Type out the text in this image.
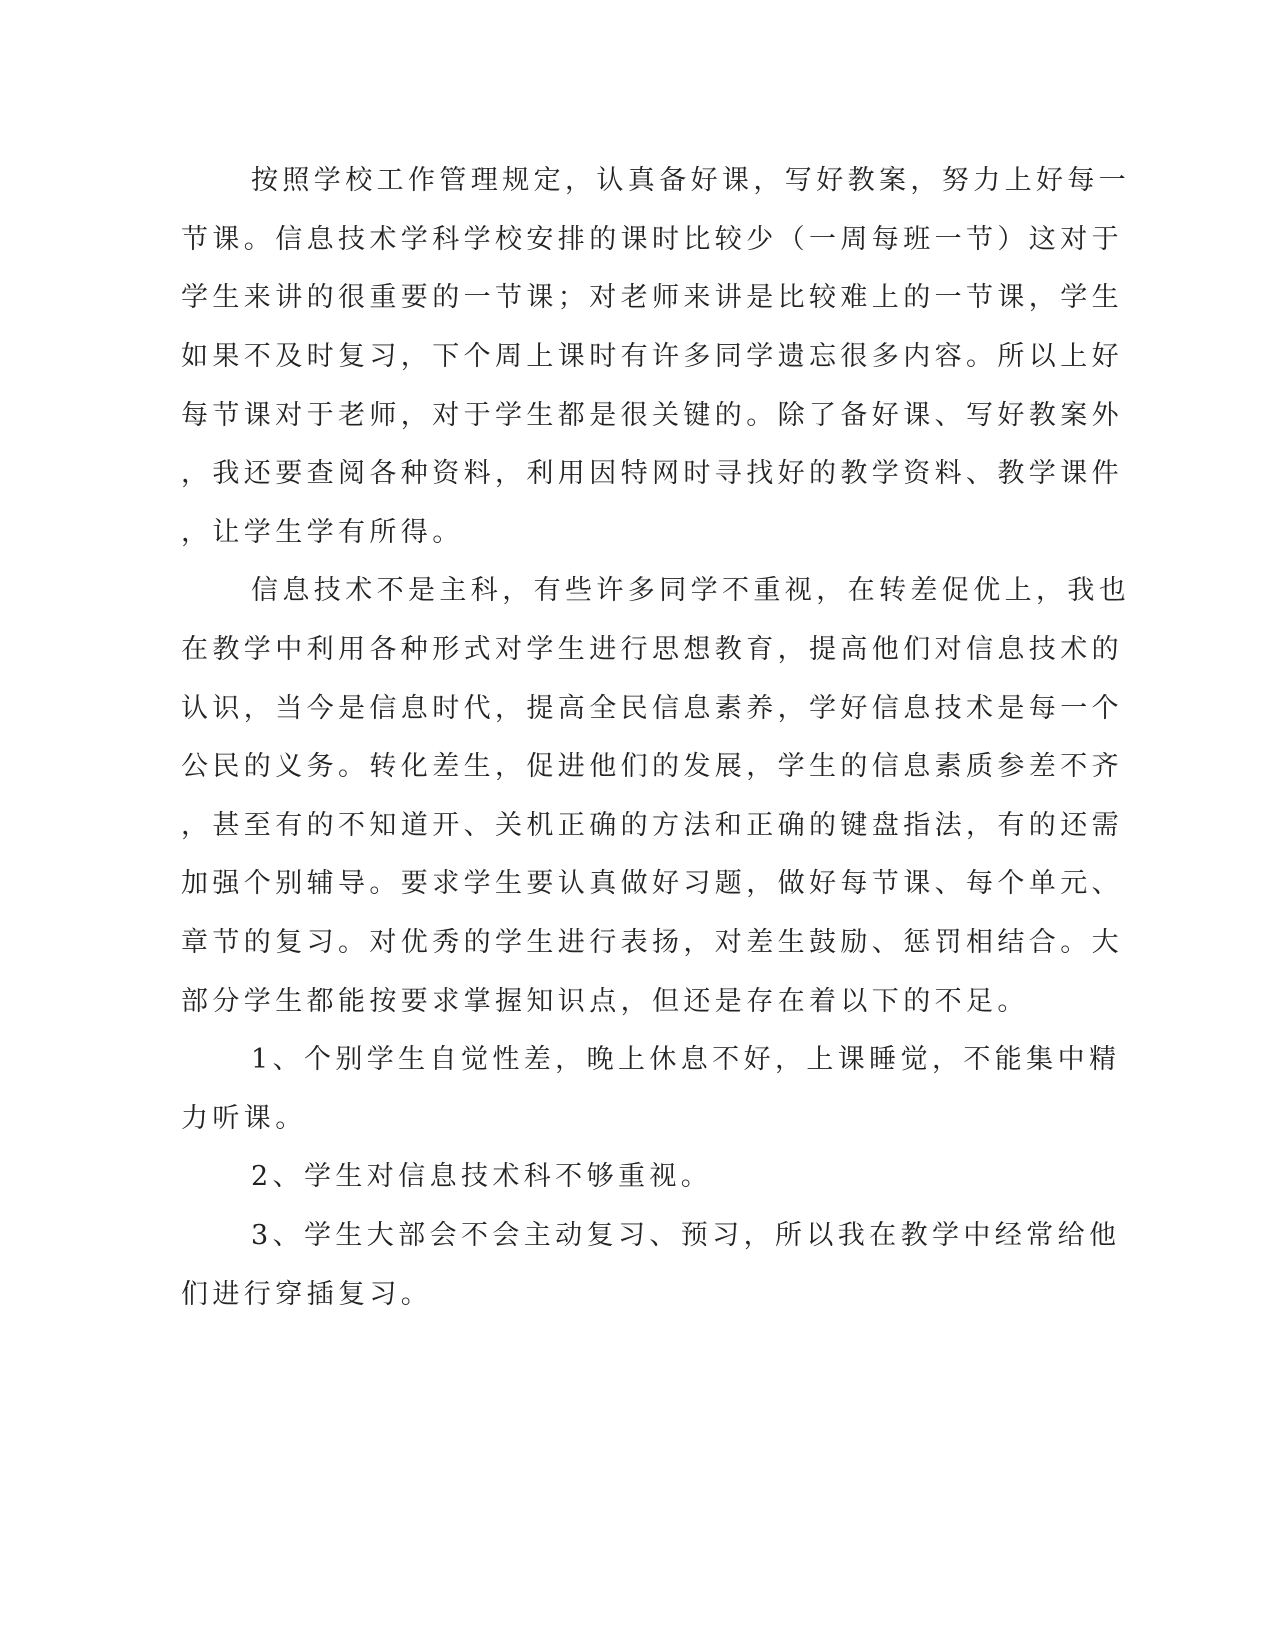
按照学校工作管理规定，认真备好课，写好教案，努力上好每一
节课。信息技术学科学校安排的课时比较少（一周每班一节）这对于
学生来讲的很重要的一节课；对老师来讲是比较难上的一节课，学生
如果不及时复习，下个周上课时有许多同学遗忘很多内容。所以上好
每节课对于老师，对于学生都是很关键的。除了备好课、写好教案外
，我还要查阅各种资料，利用因特网时寻找好的教学资料、教学课件
，让学生学有所得。
信息技术不是主科，有些许多同学不重视，在转差促优上，我也
在教学中利用各种形式对学生进行思想教育，提高他们对信息技术的
认识，当今是信息时代，提高全民信息素养，学好信息技术是每一个
公民的义务。转化差生，促进他们的发展，学生的信息素质参差不齐
，甚至有的不知道开、关机正确的方法和正确的键盘指法，有的还需
加强个别辅导。要求学生要认真做好习题，做好每节课、每个单元、
章节的复习。对优秀的学生进行表扬，对差生鼓励、惩罚相结合。大
部分学生都能按要求掌握知识点，但还是存在着以下的不足。
1、个别学生自觉性差，晚上休息不好，上课睡觉，不能集中精
力听课。
2、学生对信息技术科不够重视。
3、学生大部会不会主动复习、预习，所以我在教学中经常给他
们进行穿插复习。
